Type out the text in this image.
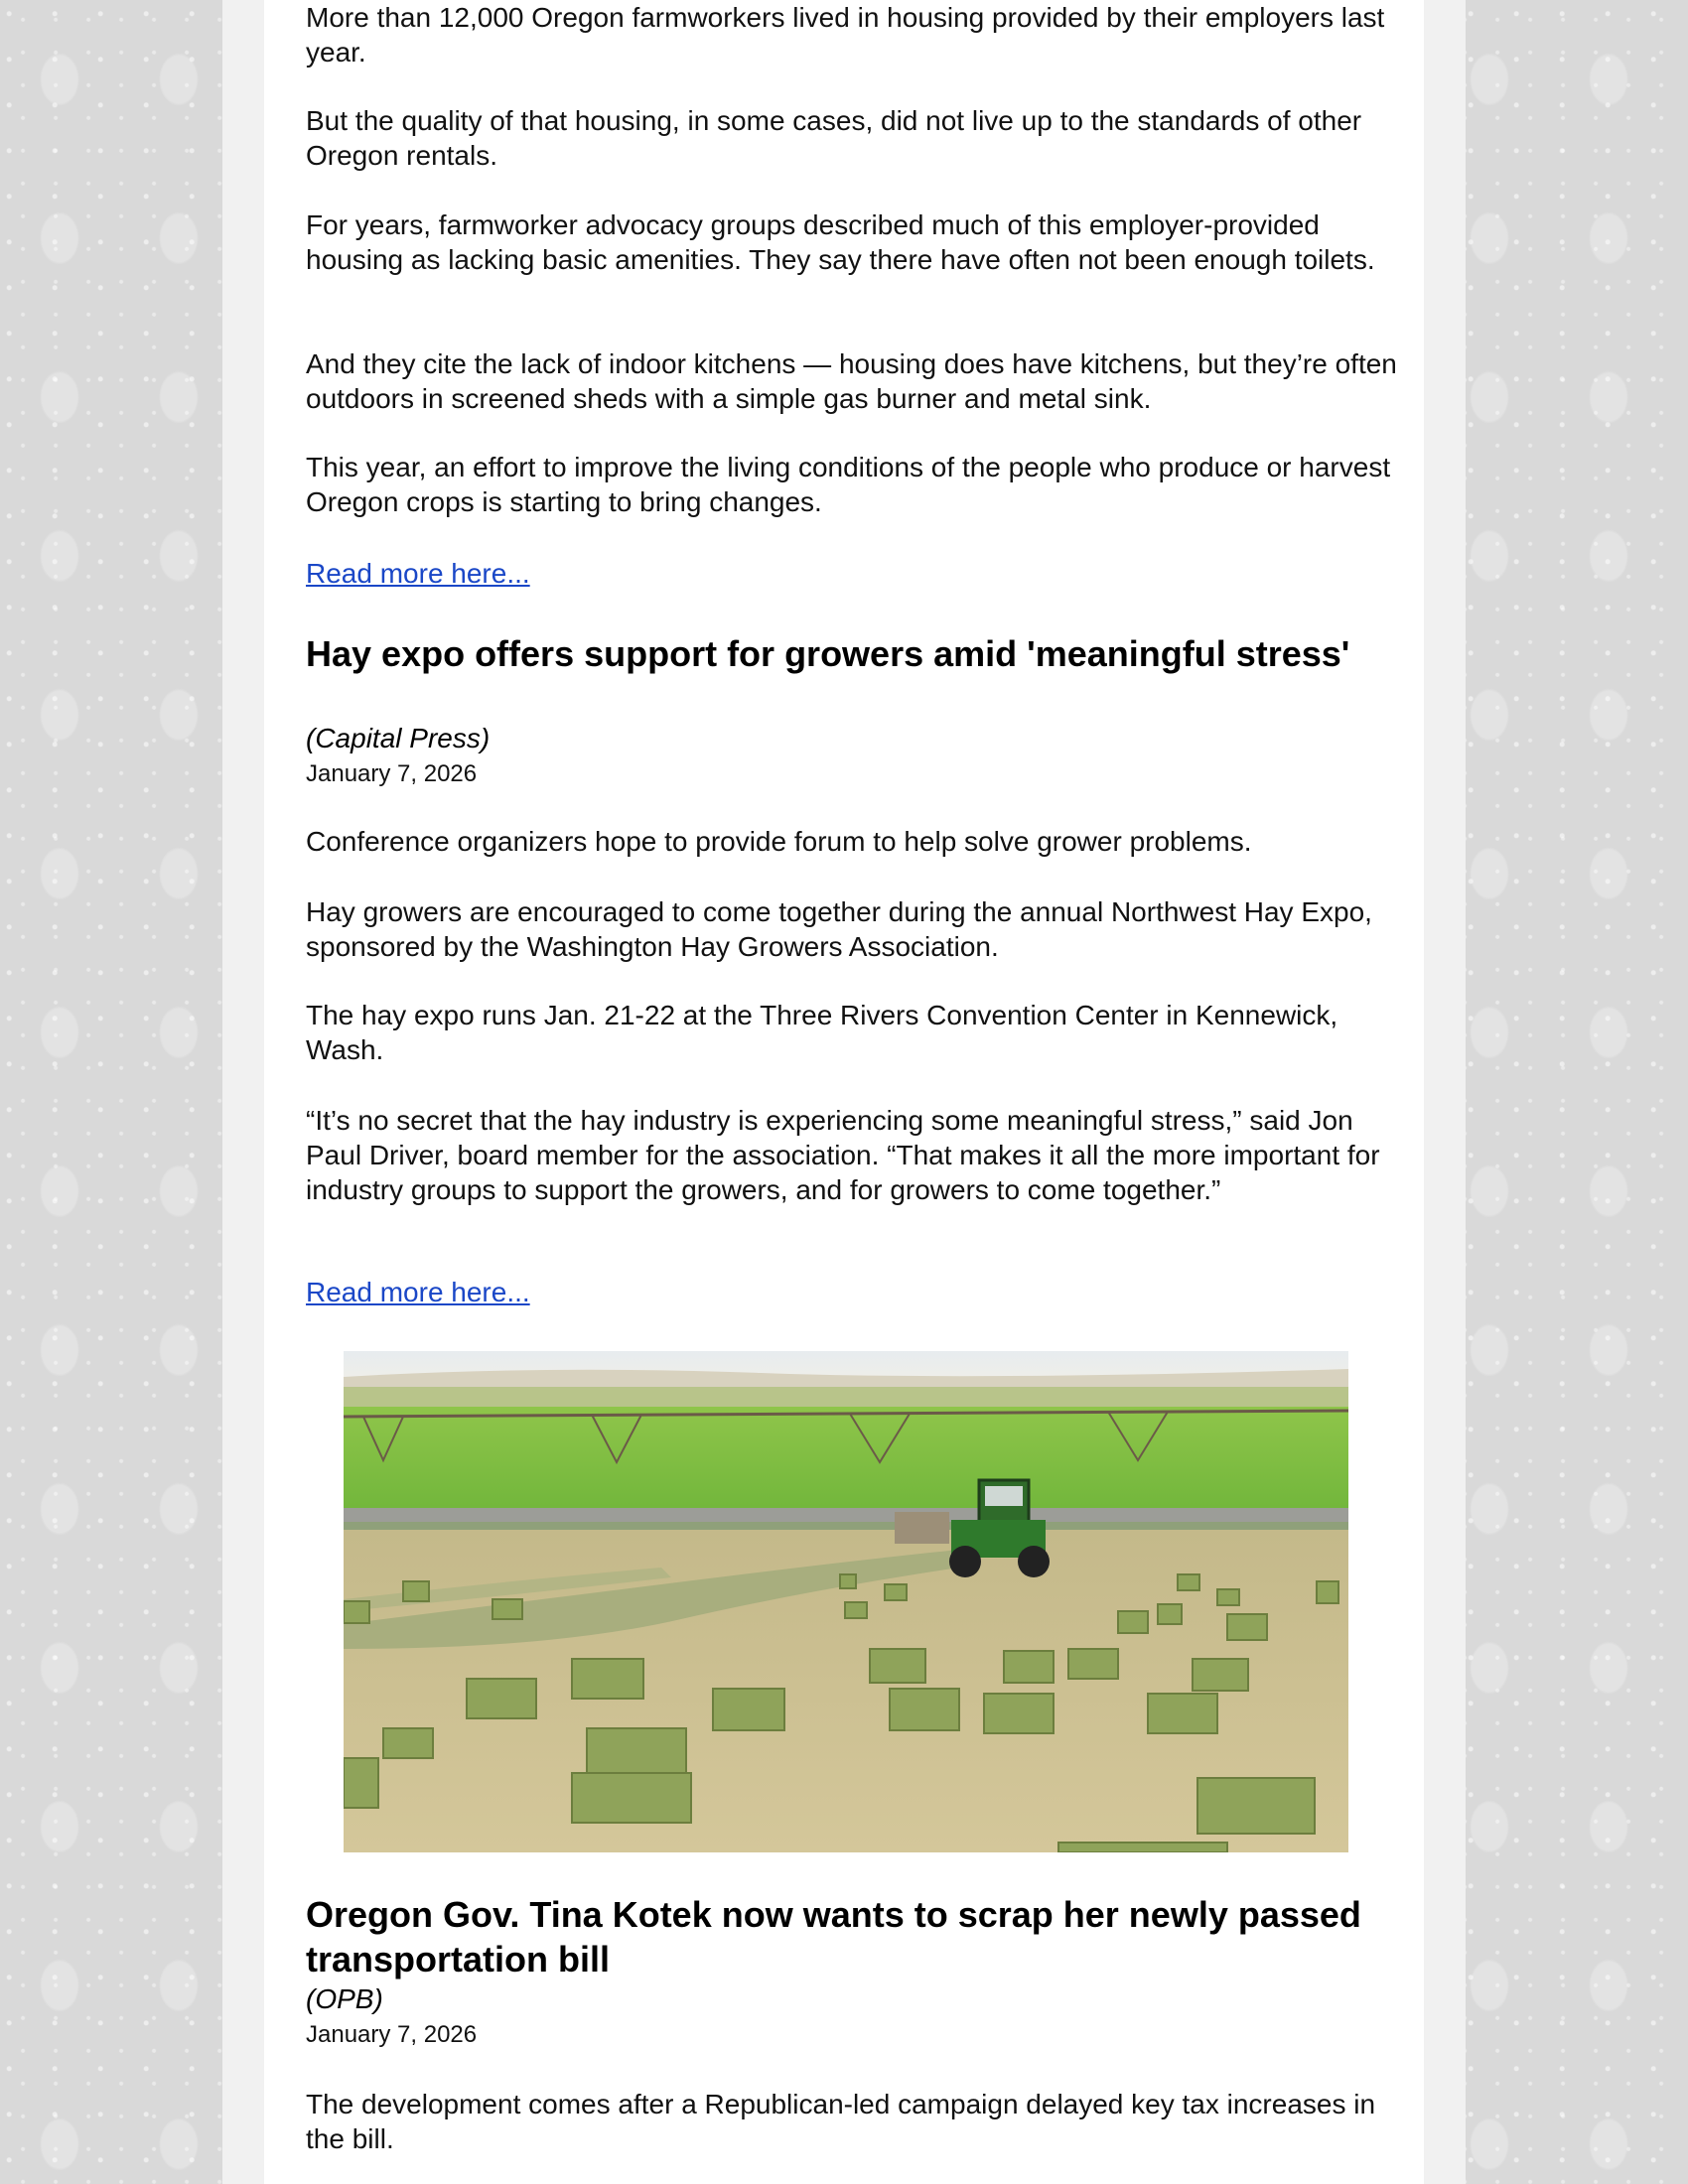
More than 12,000 Oregon farmworkers lived in housing provided by their employers last year.

But the quality of that housing, in some cases, did not live up to the standards of other Oregon rentals.

For years, farmworker advocacy groups described much of this employer-provided housing as lacking basic amenities. They say there have often not been enough toilets.

And they cite the lack of indoor kitchens — housing does have kitchens, but they’re often outdoors in screened sheds with a simple gas burner and metal sink.

This year, an effort to improve the living conditions of the people who produce or harvest Oregon crops is starting to bring changes.

Read more here...
Hay expo offers support for growers amid 'meaningful stress'
(Capital Press)
January 7, 2026

Conference organizers hope to provide forum to help solve grower problems.

Hay growers are encouraged to come together during the annual Northwest Hay Expo, sponsored by the Washington Hay Growers Association.

The hay expo runs Jan. 21-22 at the Three Rivers Convention Center in Kennewick, Wash.

“It’s no secret that the hay industry is experiencing some meaningful stress,” said Jon Paul Driver, board member for the association. “That makes it all the more important for industry groups to support the growers, and for growers to come together.”

Read more here...
Oregon Gov. Tina Kotek now wants to scrap her newly passed transportation bill
(OPB)
January 7, 2026

The development comes after a Republican-led campaign delayed key tax increases in the bill.
